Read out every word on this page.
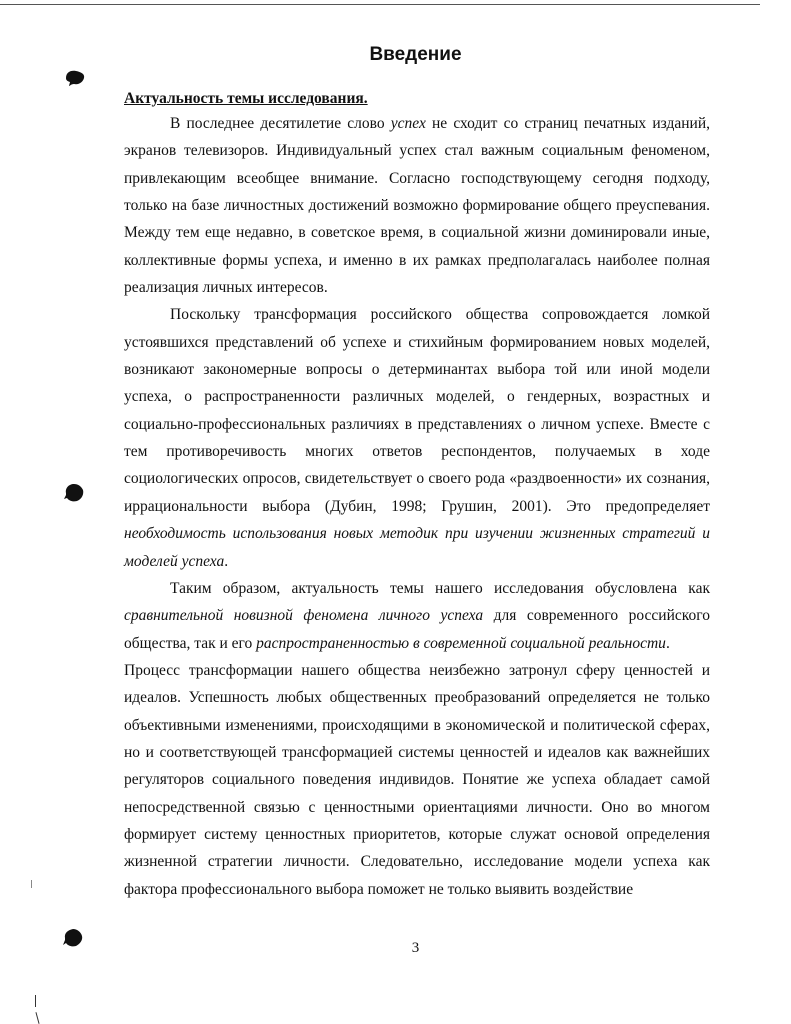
Введение
Актуальность темы исследования.

В последнее десятилетие слово успех не сходит со страниц печатных изданий, экранов телевизоров. Индивидуальный успех стал важным социальным феноменом, привлекающим всеобщее внимание. Согласно господствующему сегодня подходу, только на базе личностных достижений возможно формирование общего преуспевания. Между тем еще недавно, в советское время, в социальной жизни доминировали иные, коллективные формы успеха, и именно в их рамках предполагалась наиболее полная реализация личных интересов.

Поскольку трансформация российского общества сопровождается ломкой устоявшихся представлений об успехе и стихийным формированием новых моделей, возникают закономерные вопросы о детерминантах выбора той или иной модели успеха, о распространенности различных моделей, о гендерных, возрастных и социально-профессиональных различиях в представлениях о личном успехе. Вместе с тем противоречивость многих ответов респондентов, получаемых в ходе социологических опросов, свидетельствует о своего рода «раздвоенности» их сознания, иррациональности выбора (Дубин, 1998; Грушин, 2001). Это предопределяет необходимость использования новых методик при изучении жизненных стратегий и моделей успеха.

Таким образом, актуальность темы нашего исследования обусловлена как сравнительной новизной феномена личного успеха для современного российского общества, так и его распространенностью в современной социальной реальности.

Процесс трансформации нашего общества неизбежно затронул сферу ценностей и идеалов. Успешность любых общественных преобразований определяется не только объективными изменениями, происходящими в экономической и политической сферах, но и соответствующей трансформацией системы ценностей и идеалов как важнейших регуляторов социального поведения индивидов. Понятие же успеха обладает самой непосредственной связью с ценностными ориентациями личности. Оно во многом формирует систему ценностных приоритетов, которые служат основой определения жизненной стратегии личности. Следовательно, исследование модели успеха как фактора профессионального выбора поможет не только выявить воздействие

3
